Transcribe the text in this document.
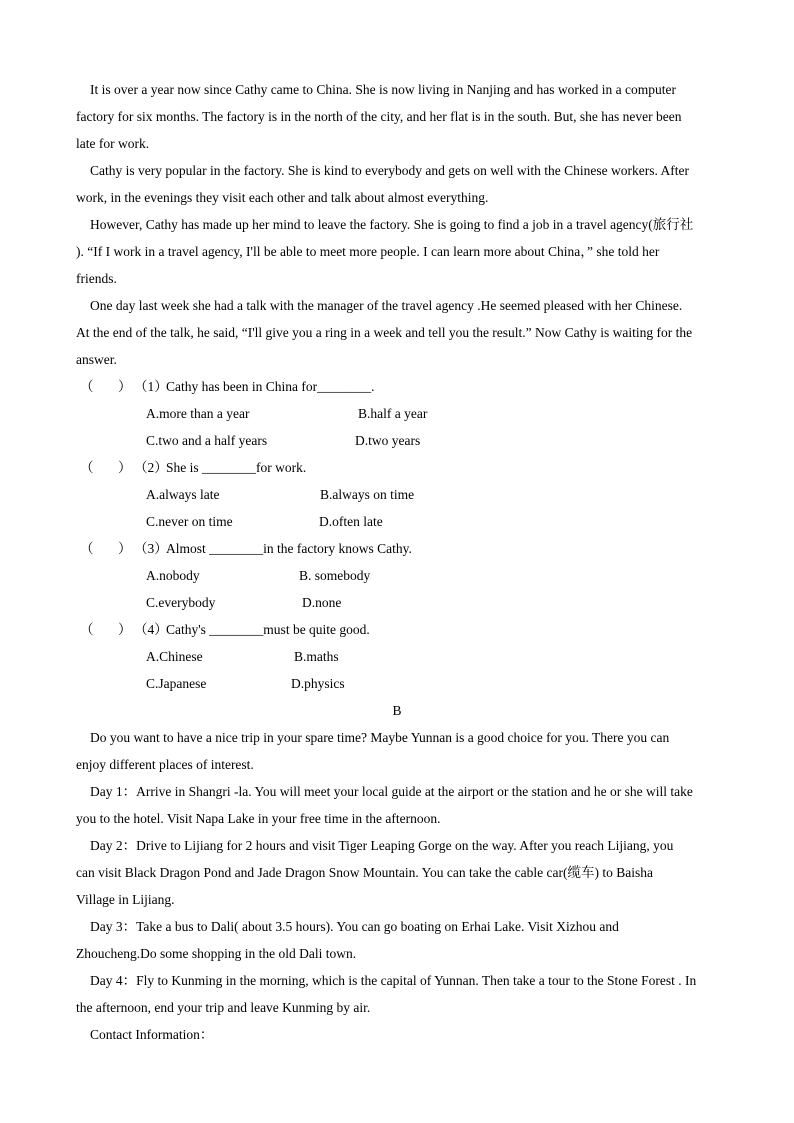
It is over a year now since Cathy came to China. She is now living in Nanjing and has worked in a computer
factory for six months. The factory is in the north of the city, and her flat is in the south. But, she has never been
late for work.
Cathy is very popular in the factory. She is kind to everybody and gets on well with the Chinese workers. After
work, in the evenings they visit each other and talk about almost everything.
However, Cathy has made up her mind to leave the factory. She is going to find a job in a travel agency(旅行社
). “If I work in a travel agency, I'll be able to meet more people. I can learn more about China，” she told her
friends.
One day last week she had a talk with the manager of the travel agency .He seemed pleased with her Chinese.
At the end of the talk, he said, “I'll give you a ring in a week and tell you the result.” Now Cathy is waiting for the
answer.
（ ） （1）
Cathy has been in China for________.
A.more than a year	B.half a year
C.two and a half years	D.two years
（ ） （2）
She is ________for work.
A.always late	B.always on time
C.never on time	D.often late
（ ） （3）
Almost ________in the factory knows Cathy.
A.nobody	B. somebody
C.everybody	D.none
（ ） （4）
Cathy's ________must be quite good.
A.Chinese	B.maths
C.Japanese	D.physics
B
Do you want to have a nice trip in your spare time? Maybe Yunnan is a good choice for you. There you can
enjoy different places of interest.
Day 1：Arrive in Shangri -la. You will meet your local guide at the airport or the station and he or she will take
you to the hotel. Visit Napa Lake in your free time in the afternoon.
Day 2：Drive to Lijiang for 2 hours and visit Tiger Leaping Gorge on the way. After you reach Lijiang, you
can visit Black Dragon Pond and Jade Dragon Snow Mountain. You can take the cable car(缆车) to Baisha
Village in Lijiang.
Day 3：Take a bus to Dali( about 3.5 hours). You can go boating on Erhai Lake. Visit Xizhou and
Zhoucheng.Do some shopping in the old Dali town.
Day 4：Fly to Kunming in the morning, which is the capital of Yunnan. Then take a tour to the Stone Forest . In
the afternoon, end your trip and leave Kunming by air.
Contact Information：
